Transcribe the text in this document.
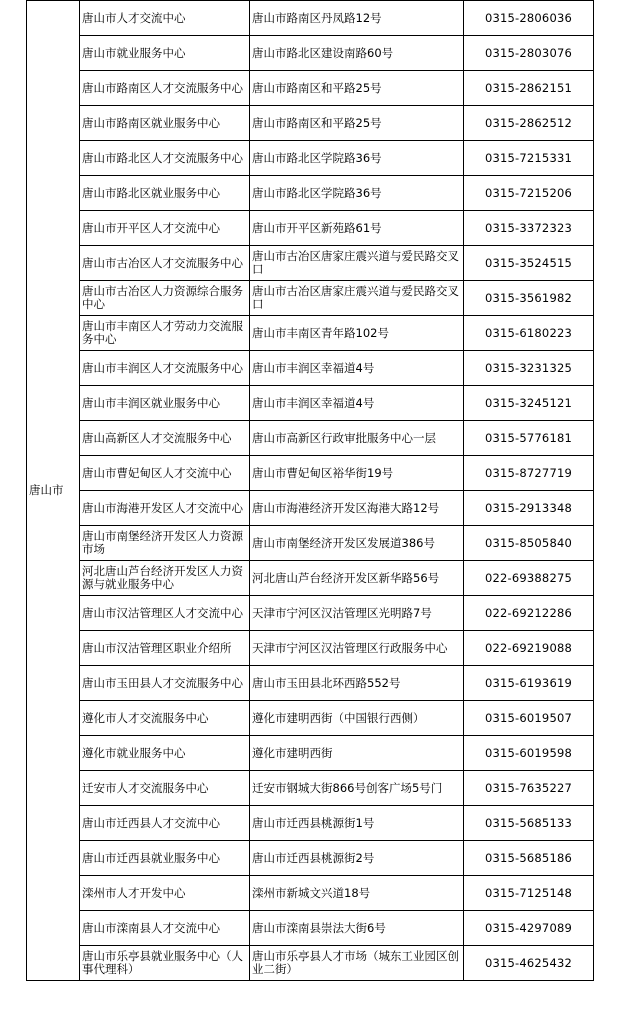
唐山市	唐山市人才交流中心	唐山市路南区丹凤路12号	0315-2806036
	唐山市就业服务中心	唐山市路北区建设南路60号	0315-2803076
	唐山市路南区人才交流服务中心	唐山市路南区和平路25号	0315-2862151
	唐山市路南区就业服务中心	唐山市路南区和平路25号	0315-2862512
	唐山市路北区人才交流服务中心	唐山市路北区学院路36号	0315-7215331
	唐山市路北区就业服务中心	唐山市路北区学院路36号	0315-7215206
	唐山市开平区人才交流中心	唐山市开平区新苑路61号	0315-3372323
	唐山市古冶区人才交流服务中心	唐山市古冶区唐家庄震兴道与爱民路交叉口	0315-3524515
	唐山市古冶区人力资源综合服务中心	唐山市古冶区唐家庄震兴道与爱民路交叉口	0315-3561982
	唐山市丰南区人才劳动力交流服务中心	唐山市丰南区青年路102号	0315-6180223
	唐山市丰润区人才交流服务中心	唐山市丰润区幸福道4号	0315-3231325
	唐山市丰润区就业服务中心	唐山市丰润区幸福道4号	0315-3245121
	唐山高新区人才交流服务中心	唐山市高新区行政审批服务中心一层	0315-5776181
	唐山市曹妃甸区人才交流中心	唐山市曹妃甸区裕华街19号	0315-8727719
	唐山市海港开发区人才交流中心	唐山市海港经济开发区海港大路12号	0315-2913348
	唐山市南堡经济开发区人力资源市场	唐山市南堡经济开发区发展道386号	0315-8505840
	河北唐山芦台经济开发区人力资源与就业服务中心	河北唐山芦台经济开发区新华路56号	022-69388275
	唐山市汉沽管理区人才交流中心	天津市宁河区汉沽管理区光明路7号	022-69212286
	唐山市汉沽管理区职业介绍所	天津市宁河区汉沽管理区行政服务中心	022-69219088
	唐山市玉田县人才交流服务中心	唐山市玉田县北环西路552号	0315-6193619
	遵化市人才交流服务中心	遵化市建明西街（中国银行西侧）	0315-6019507
	遵化市就业服务中心	遵化市建明西街	0315-6019598
	迁安市人才交流服务中心	迁安市钢城大街866号创客广场5号门	0315-7635227
	唐山市迁西县人才交流中心	唐山市迁西县桃源街1号	0315-5685133
	唐山市迁西县就业服务中心	唐山市迁西县桃源街2号	0315-5685186
	滦州市人才开发中心	滦州市新城文兴道18号	0315-7125148
	唐山市滦南县人才交流中心	唐山市滦南县崇法大街6号	0315-4297089
	唐山市乐亭县就业服务中心（人事代理科）	唐山市乐亭县人才市场（城东工业园区创业二街）	0315-4625432
